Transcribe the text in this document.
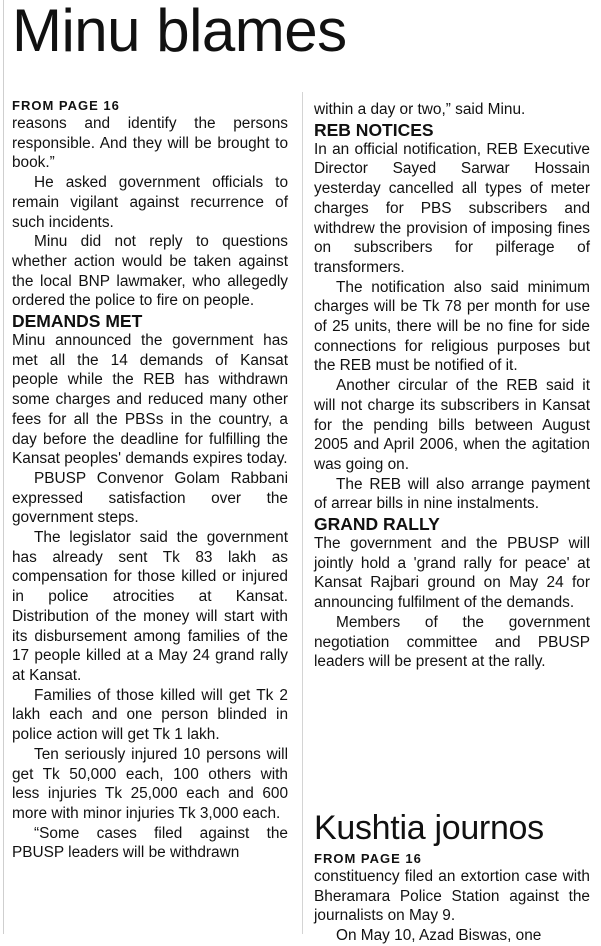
Minu blames
FROM PAGE 16

reasons and identify the persons responsible. And they will be brought to book.”

He asked government officials to remain vigilant against recurrence of such incidents.

Minu did not reply to questions whether action would be taken against the local BNP lawmaker, who allegedly ordered the police to fire on people.

DEMANDS MET

Minu announced the government has met all the 14 demands of Kansat people while the REB has withdrawn some charges and reduced many other fees for all the PBSs in the country, a day before the deadline for fulfilling the Kansat peoples' demands expires today.

PBUSP Convenor Golam Rabbani expressed satisfaction over the government steps.

The legislator said the government has already sent Tk 83 lakh as compensation for those killed or injured in police atrocities at Kansat. Distribution of the money will start with its disbursement among families of the 17 people killed at a May 24 grand rally at Kansat.

Families of those killed will get Tk 2 lakh each and one person blinded in police action will get Tk 1 lakh.

Ten seriously injured 10 persons will get Tk 50,000 each, 100 others with less injuries Tk 25,000 each and 600 more with minor injuries Tk 3,000 each.

“Some cases filed against the PBUSP leaders will be withdrawn

within a day or two,” said Minu.

REB NOTICES

In an official notification, REB Executive Director Sayed Sarwar Hossain yesterday cancelled all types of meter charges for PBS subscribers and withdrew the provision of imposing fines on subscribers for pilferage of transformers.

The notification also said minimum charges will be Tk 78 per month for use of 25 units, there will be no fine for side connections for religious purposes but the REB must be notified of it.

Another circular of the REB said it will not charge its subscribers in Kansat for the pending bills between August 2005 and April 2006, when the agitation was going on.

The REB will also arrange payment of arrear bills in nine instalments.

GRAND RALLY

The government and the PBUSP will jointly hold a 'grand rally for peace' at Kansat Rajbari ground on May 24 for announcing fulfilment of the demands.

Members of the government negotiation committee and PBUSP leaders will be present at the rally.

Kushtia journos
FROM PAGE 16

constituency filed an extortion case with Bheramara Police Station against the journalists on May 9.

On May 10, Azad Biswas, one
